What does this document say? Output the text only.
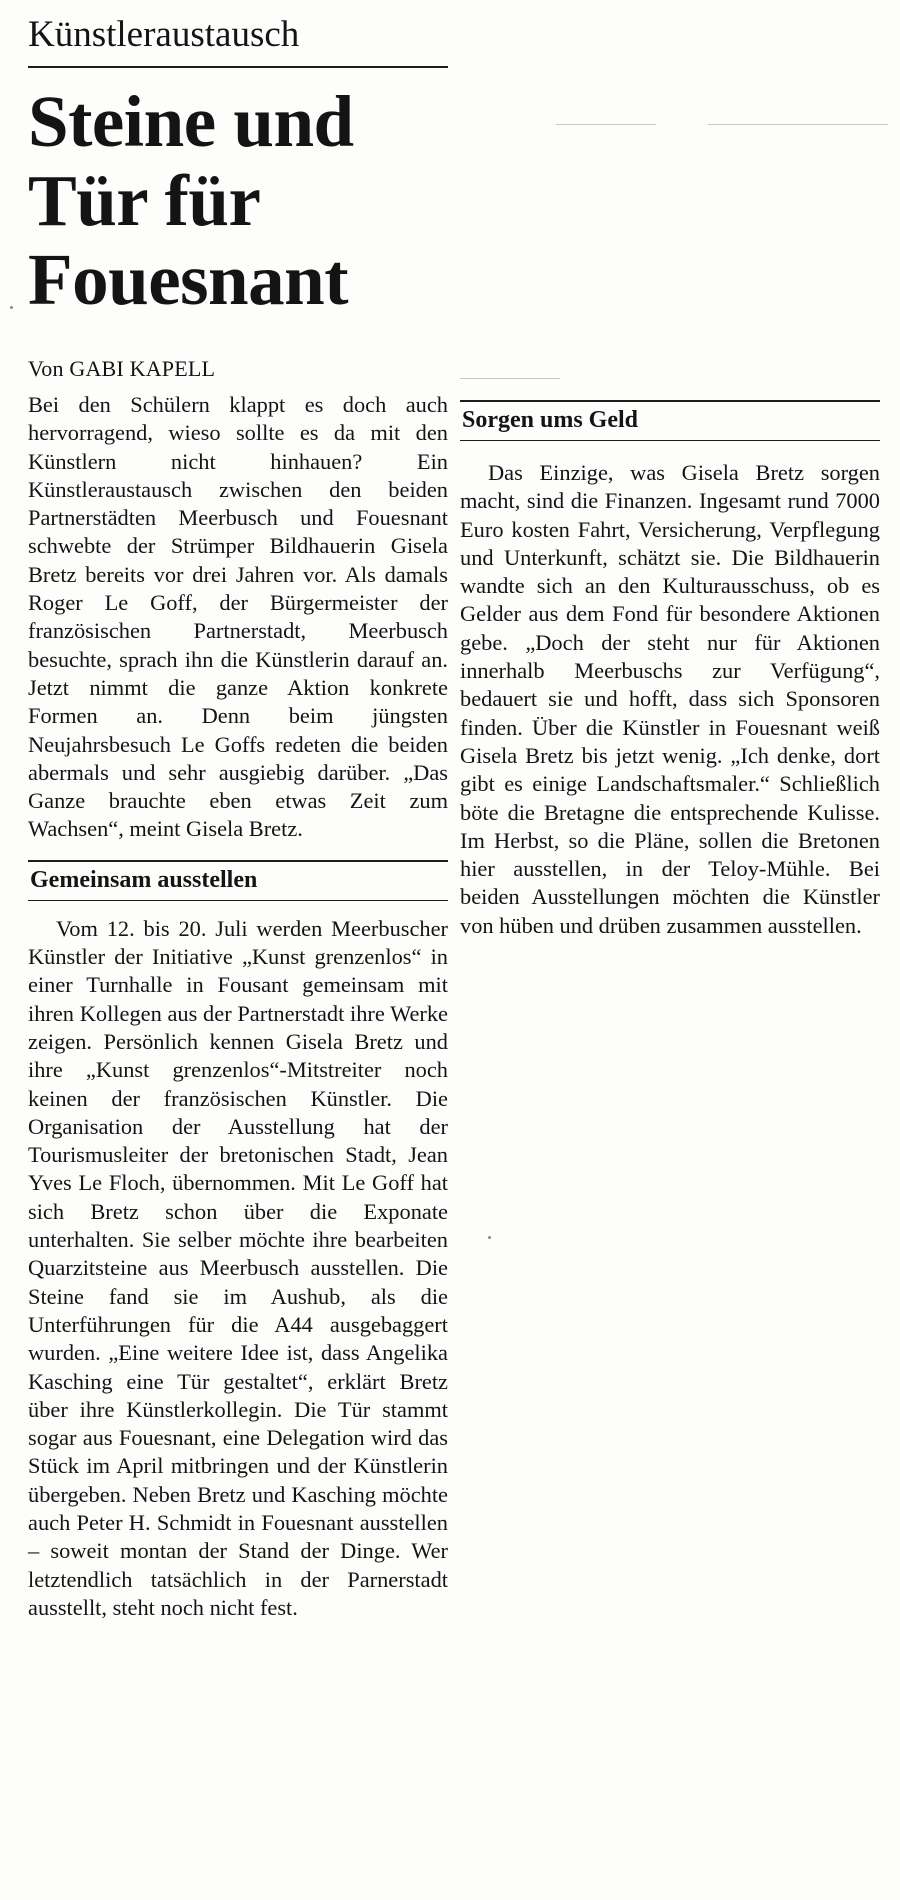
Künstleraustausch
Steine und
Tür für
Fouesnant
Von GABI KAPELL

Bei den Schülern klappt es doch auch hervorragend, wieso sollte es da mit den Künstlern nicht hinhauen? Ein Künstleraustausch zwischen den beiden Partnerstädten Meerbusch und Fouesnant schwebte der Strümper Bildhauerin Gisela Bretz bereits vor drei Jahren vor. Als damals Roger Le Goff, der Bürgermeister der französischen Partnerstadt, Meerbusch besuchte, sprach ihn die Künstlerin darauf an. Jetzt nimmt die ganze Aktion konkrete Formen an. Denn beim jüngsten Neujahrsbesuch Le Goffs redeten die beiden abermals und sehr ausgiebig darüber. „Das Ganze brauchte eben etwas Zeit zum Wachsen“, meint Gisela Bretz.

Gemeinsam ausstellen

Vom 12. bis 20. Juli werden Meerbuscher Künstler der Initiative „Kunst grenzenlos“ in einer Turnhalle in Fousant gemeinsam mit ihren Kollegen aus der Partnerstadt ihre Werke zeigen. Persönlich kennen Gisela Bretz und ihre „Kunst grenzenlos“-Mitstreiter noch keinen der französischen Künstler. Die Organisation der Ausstellung hat der Tourismusleiter der bretonischen Stadt, Jean Yves Le Floch, übernommen. Mit Le Goff hat sich Bretz schon über die Exponate unterhalten. Sie selber möchte ihre bearbeiten Quarzitsteine aus Meerbusch ausstellen. Die Steine fand sie im Aushub, als die Unterführungen für die A44 ausgebaggert wurden. „Eine weitere Idee ist, dass Angelika Kasching eine Tür gestaltet“, erklärt Bretz über ihre Künstlerkollegin. Die Tür stammt sogar aus Fouesnant, eine Delegation wird das Stück im April mitbringen und der Künstlerin übergeben. Neben Bretz und Kasching möchte auch Peter H. Schmidt in Fouesnant ausstellen – soweit montan der Stand der Dinge. Wer letztendlich tatsächlich in der Parnerstadt ausstellt, steht noch nicht fest.

Sorgen ums Geld

Das Einzige, was Gisela Bretz sorgen macht, sind die Finanzen. Ingesamt rund 7000 Euro kosten Fahrt, Versicherung, Verpflegung und Unterkunft, schätzt sie. Die Bildhauerin wandte sich an den Kulturausschuss, ob es Gelder aus dem Fond für besondere Aktionen gebe. „Doch der steht nur für Aktionen innerhalb Meerbuschs zur Verfügung“, bedauert sie und hofft, dass sich Sponsoren finden. Über die Künstler in Fouesnant weiß Gisela Bretz bis jetzt wenig. „Ich denke, dort gibt es einige Landschaftsmaler.“ Schließlich böte die Bretagne die entsprechende Kulisse. Im Herbst, so die Pläne, sollen die Bretonen hier ausstellen, in der Teloy-Mühle. Bei beiden Ausstellungen möchten die Künstler von hüben und drüben zusammen ausstellen.
